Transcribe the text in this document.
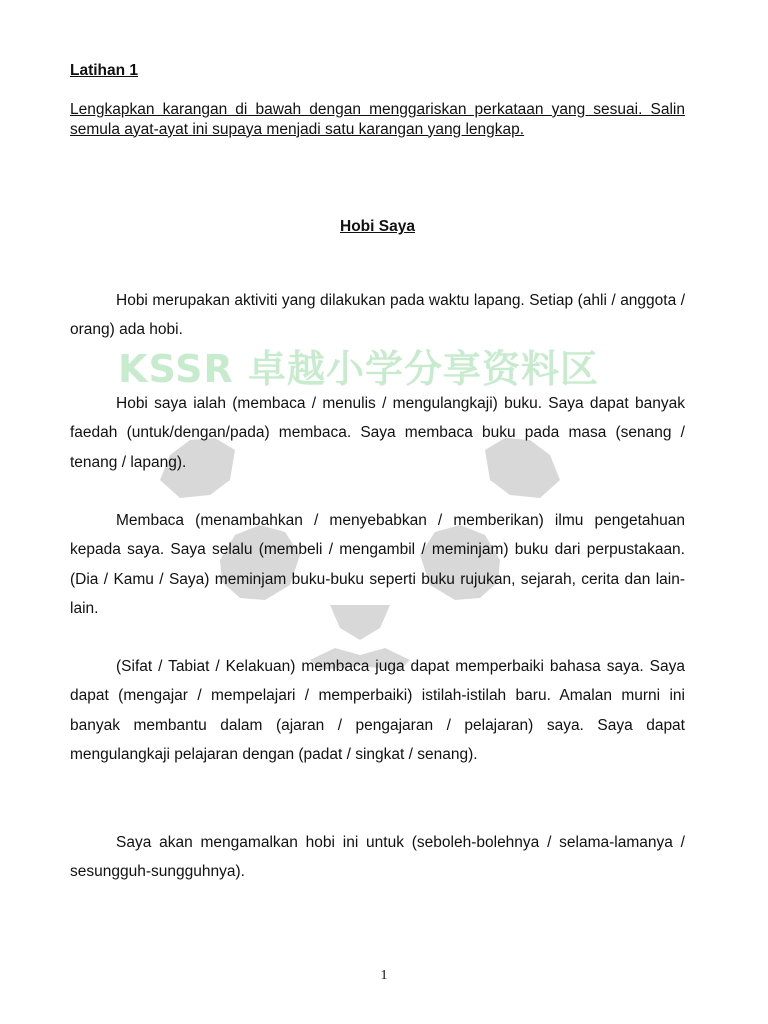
KSSR 卓越小学分享资料区
Latihan 1
Lengkapkan karangan di bawah dengan menggariskan perkataan yang sesuai. Salin semula ayat-ayat ini supaya menjadi satu karangan yang lengkap.
Hobi Saya

Hobi merupakan aktiviti yang dilakukan pada waktu lapang. Setiap (ahli / anggota / orang) ada hobi.

Hobi saya ialah (membaca / menulis / mengulangkaji) buku. Saya dapat banyak faedah (untuk/dengan/pada) membaca. Saya membaca buku pada masa (senang / tenang / lapang).

Membaca (menambahkan / menyebabkan / memberikan) ilmu pengetahuan kepada saya. Saya selalu (membeli / mengambil / meminjam) buku dari perpustakaan. (Dia / Kamu / Saya) meminjam buku-buku seperti buku rujukan, sejarah, cerita dan lain-lain.

(Sifat / Tabiat / Kelakuan) membaca juga dapat memperbaiki bahasa saya. Saya dapat (mengajar / mempelajari / memperbaiki) istilah-istilah baru. Amalan murni ini banyak membantu dalam (ajaran / pengajaran / pelajaran) saya. Saya dapat mengulangkaji pelajaran dengan (padat / singkat / senang).

Saya akan mengamalkan hobi ini untuk (seboleh-bolehnya / selama-lamanya / sesungguh-sungguhnya).

1
